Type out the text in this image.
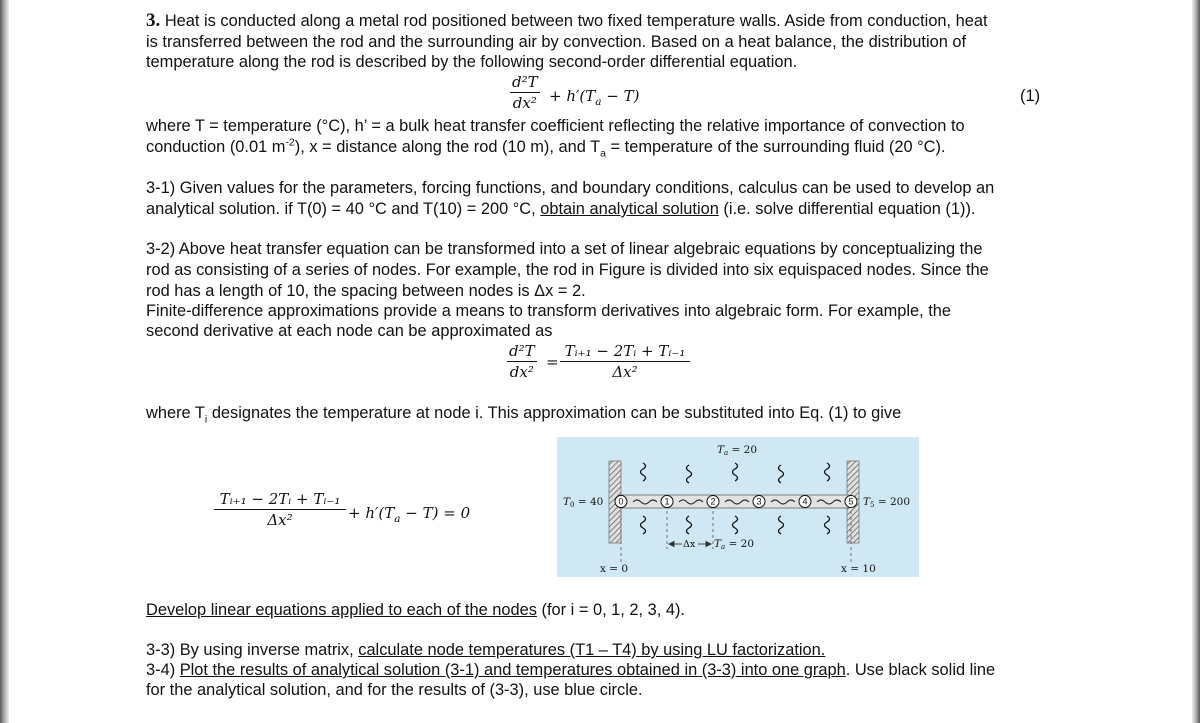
3. Heat is conducted along a metal rod positioned between two fixed temperature walls. Aside from conduction, heat
is transferred between the rod and the surrounding air by convection. Based on a heat balance, the distribution of
temperature along the rod is described by the following second-order differential equation.
$\frac{\text{d²T}}{\text{dx²}} + h'(T_a - T)$	(1)
where T = temperature (°C), h’ = a bulk heat transfer coefficient reflecting the relative importance of convection to
conduction (0.01 $m^{-2}$), x = distance along the rod (10 m), and $T_a$ = temperature of the surrounding fluid (20 °C).
3-1) Given values for the parameters, forcing functions, and boundary conditions, calculus can be used to develop an
analytical solution. if T(0) = 40 °C and T(10) = 200 °C, obtain analytical solution (i.e. solve differential equation (1)).
3-2) Above heat transfer equation can be transformed into a set of linear algebraic equations by conceptualizing the
rod as consisting of a series of nodes. For example, the rod in Figure is divided into six equispaced nodes. Since the
rod has a length of 10, the spacing between nodes is Δx = 2.
Finite-difference approximations provide a means to transform derivatives into algebraic form. For example, the
second derivative at each node can be approximated as
$\frac{\text{d²T}}{\text{dx²}} = \frac{\text{Tᵢ₊₁ − 2Tᵢ + Tᵢ₋₁}}{\text{Δx²}}$
where $T_i$ designates the temperature at node i. This approximation can be substituted into Eq. (1) to give
$\frac{\text{Tᵢ₊₁ − 2Tᵢ + Tᵢ₋₁}}{\text{Δx²}} + h'(T_a - T) = 0$
0	1	2	3	4	5
Ta = 20
T0 = 40	T5 = 200
Δx Ta = 20
x = 0	x = 10
Develop linear equations applied to each of the nodes (for i = 0, 1, 2, 3, 4).
3-3) By using inverse matrix, calculate node temperatures (T1 – T4) by using LU factorization.
3-4) Plot the results of analytical solution (3-1) and temperatures obtained in (3-3) into one graph. Use black solid line
for the analytical solution, and for the results of (3-3), use blue circle.
